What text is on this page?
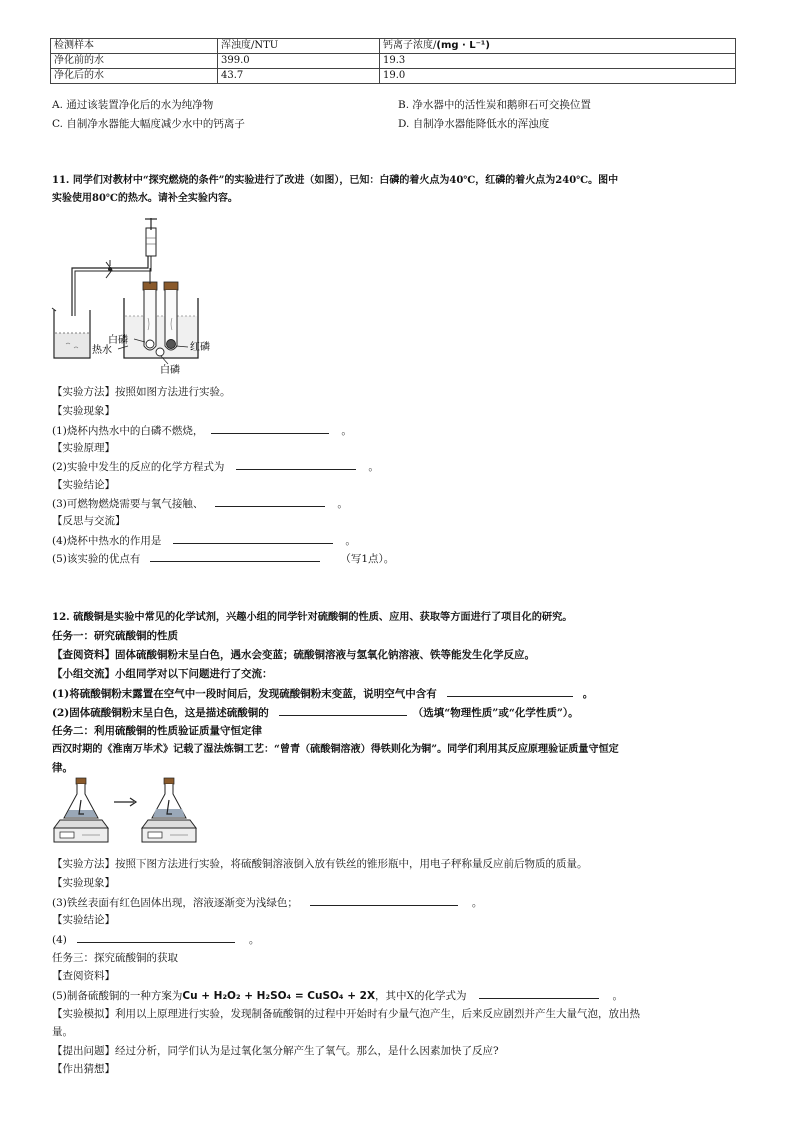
检测样本	浑浊度/NTU	钙离子浓度/(mg · L⁻¹)
净化前的水	399.0	19.3
净化后的水	43.7	19.0
A. 通过该装置净化后的水为纯净物	B. 净水器中的活性炭和鹅卵石可交换位置
C. 自制净水器能大幅度减少水中的钙离子	D. 自制净水器能降低水的浑浊度
11. 同学们对教材中“探究燃烧的条件”的实验进行了改进（如图），已知：白磷的着火点为40℃，红磷的着火点为240℃。图中
实验使用80℃的热水。请补全实验内容。
白磷
热水	红磷
白磷
【实验方法】按照如图方法进行实验。
【实验现象】
(1)烧杯内热水中的白磷不燃烧，	。
【实验原理】
(2)实验中发生的反应的化学方程式为	。
【实验结论】
(3)可燃物燃烧需要与氧气接触、	。
【反思与交流】
(4)烧杯中热水的作用是	。
(5)该实验的优点有	（写1点）。
12. 硫酸铜是实验中常见的化学试剂，兴趣小组的同学针对硫酸铜的性质、应用、获取等方面进行了项目化的研究。
任务一：研究硫酸铜的性质
【查阅资料】固体硫酸铜粉末呈白色，遇水会变蓝；硫酸铜溶液与氢氧化钠溶液、铁等能发生化学反应。
【小组交流】小组同学对以下问题进行了交流：
(1)将硫酸铜粉末露置在空气中一段时间后，发现硫酸铜粉末变蓝，说明空气中含有	。
(2)固体硫酸铜粉末呈白色，这是描述硫酸铜的	（选填“物理性质”或“化学性质”）。
任务二：利用硫酸铜的性质验证质量守恒定律
西汉时期的《淮南万毕术》记载了湿法炼铜工艺：“曾青（硫酸铜溶液）得铁则化为铜”。同学们利用其反应原理验证质量守恒定
律。
【实验方法】按照下图方法进行实验，将硫酸铜溶液倒入放有铁丝的锥形瓶中，用电子秤称量反应前后物质的质量。
【实验现象】
(3)铁丝表面有红色固体出现，溶液逐渐变为浅绿色；	。
【实验结论】
(4)	。
任务三：探究硫酸铜的获取
【查阅资料】
(5)制备硫酸铜的一种方案为Cu + H₂O₂ + H₂SO₄ = CuSO₄ + 2X，其中X的化学式为	。
【实验模拟】利用以上原理进行实验，发现制备硫酸铜的过程中开始时有少量气泡产生，后来反应剧烈并产生大量气泡，放出热
量。
【提出问题】经过分析，同学们认为是过氧化氢分解产生了氧气。那么，是什么因素加快了反应?
【作出猜想】
